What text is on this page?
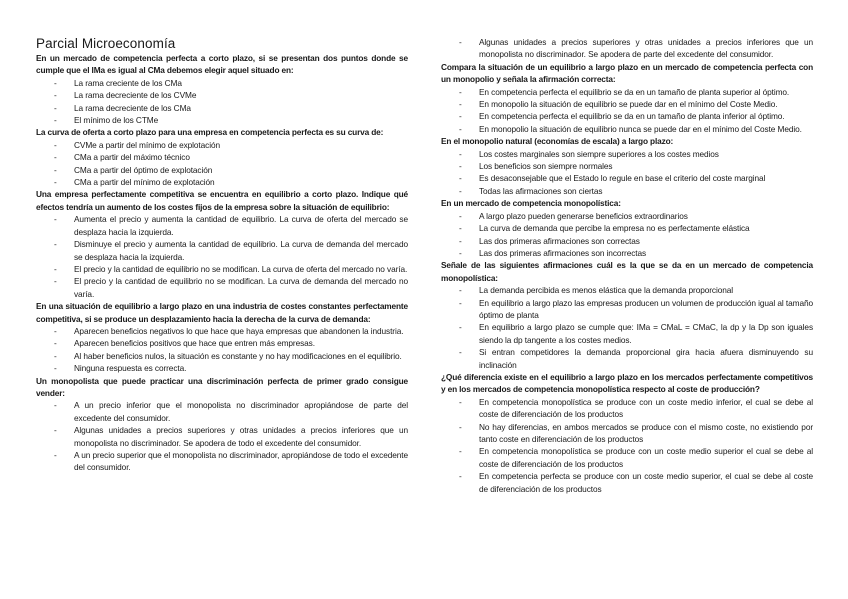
Parcial Microeconomía

En un mercado de competencia perfecta a corto plazo, si se presentan dos puntos donde se cumple que el IMa es igual al CMa debemos elegir aquel situado en:

- La rama creciente de los CMa
- La rama decreciente de los CVMe
- La rama decreciente de los CMa
- El mínimo de los CTMe

La curva de oferta a corto plazo para una empresa en competencia perfecta es su curva de:

- CVMe a partir del mínimo de explotación
- CMa a partir del máximo técnico
- CMa a partir del óptimo de explotación
- CMa a partir del mínimo de explotación

Una empresa perfectamente competitiva se encuentra en equilibrio a corto plazo. Indique qué efectos tendría un aumento de los costes fijos de la empresa sobre la situación de equilibrio:

- Aumenta el precio y aumenta la cantidad de equilibrio. La curva de oferta del mercado se desplaza hacia la izquierda.
- Disminuye el precio y aumenta la cantidad de equilibrio. La curva de demanda del mercado se desplaza hacia la izquierda.
- El precio y la cantidad de equilibrio no se modifican. La curva de oferta del mercado no varía.
- El precio y la cantidad de equilibrio no se modifican. La curva de demanda del mercado no varía.

En una situación de equilibrio a largo plazo en una industria de costes constantes perfectamente competitiva, si se produce un desplazamiento hacia la derecha de la curva de demanda:

- Aparecen beneficios negativos lo que hace que haya empresas que abandonen la industria.
- Aparecen beneficios positivos que hace que entren más empresas.
- Al haber beneficios nulos, la situación es constante y no hay modificaciones en el equilibrio.
- Ninguna respuesta es correcta.

Un monopolista que puede practicar una discriminación perfecta de primer grado consigue vender:

- A un precio inferior que el monopolista no discriminador apropiándose de parte del excedente del consumidor.
- Algunas unidades a precios superiores y otras unidades a precios inferiores que un monopolista no discriminador. Se apodera de todo el excedente del consumidor.
- A un precio superior que el monopolista no discriminador, apropiándose de todo el excedente del consumidor.
- Algunas unidades a precios superiores y otras unidades a precios inferiores que un monopolista no discriminador. Se apodera de parte del excedente del consumidor.

Compara la situación de un equilibrio a largo plazo en un mercado de competencia perfecta con un monopolio y señala la afirmación correcta:

- En competencia perfecta el equilibrio se da en un tamaño de planta superior al óptimo.
- En monopolio la situación de equilibrio se puede dar en el mínimo del Coste Medio.
- En competencia perfecta el equilibrio se da en un tamaño de planta inferior al óptimo.
- En monopolio la situación de equilibrio nunca se puede dar en el mínimo del Coste Medio.

En el monopolio natural (economías de escala) a largo plazo:

- Los costes marginales son siempre superiores a los costes medios
- Los beneficios son siempre normales
- Es desaconsejable que el Estado lo regule en base el criterio del coste marginal
- Todas las afirmaciones son ciertas

En un mercado de competencia monopolística:

- A largo plazo pueden generarse beneficios extraordinarios
- La curva de demanda que percibe la empresa no es perfectamente elástica
- Las dos primeras afirmaciones son correctas
- Las dos primeras afirmaciones son incorrectas

Señale de las siguientes afirmaciones cuál es la que se da en un mercado de competencia monopolística:

- La demanda percibida es menos elástica que la demanda proporcional
- En equilibrio a largo plazo las empresas producen un volumen de producción igual al tamaño óptimo de planta
- En equilibrio a largo plazo se cumple que: IMa = CMaL = CMaC, la dp y la Dp son iguales siendo la dp tangente a los costes medios.
- Si entran competidores la demanda proporcional gira hacia afuera disminuyendo su inclinación

¿Qué diferencia existe en el equilibrio a largo plazo en los mercados perfectamente competitivos y en los mercados de competencia monopolística respecto al coste de producción?

- En competencia monopolística se produce con un coste medio inferior, el cual se debe al coste de diferenciación de los productos
- No hay diferencias, en ambos mercados se produce con el mismo coste, no existiendo por tanto coste en diferenciación de los productos
- En competencia monopolística se produce con un coste medio superior el cual se debe al coste de diferenciación de los productos
- En competencia perfecta se produce con un coste medio superior, el cual se debe al coste de diferenciación de los productos
